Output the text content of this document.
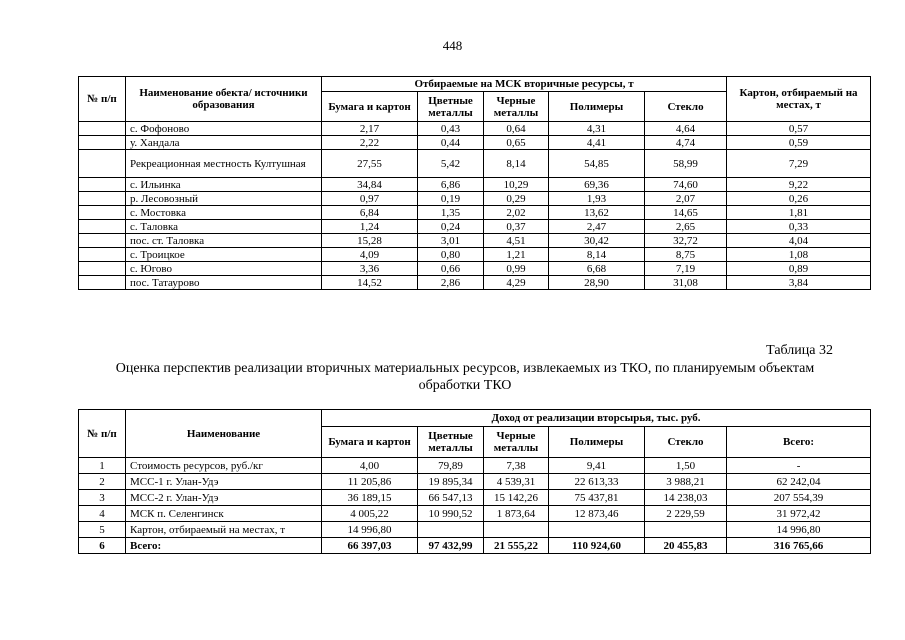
448
№ п/п	Наименование обекта/ источники образования	Отбираемые на МСК вторичные ресурсы, т					Картон, отбираемый на местах, т
		Бумага и картон	Цветные металлы	Черные металлы	Полимеры	Стекло	
	с. Фофоново	2,17	0,43	0,64	4,31	4,64	0,57
	у. Хандала	2,22	0,44	0,65	4,41	4,74	0,59
	Рекреационная местность Култушная	27,55	5,42	8,14	54,85	58,99	7,29
	с. Ильинка	34,84	6,86	10,29	69,36	74,60	9,22
	р. Лесовозный	0,97	0,19	0,29	1,93	2,07	0,26
	с. Мостовка	6,84	1,35	2,02	13,62	14,65	1,81
	с. Таловка	1,24	0,24	0,37	2,47	2,65	0,33
	пос. ст. Таловка	15,28	3,01	4,51	30,42	32,72	4,04
	с. Троицкое	4,09	0,80	1,21	8,14	8,75	1,08
	с. Югово	3,36	0,66	0,99	6,68	7,19	0,89
	пос. Татаурово	14,52	2,86	4,29	28,90	31,08	3,84
Таблица 32
Оценка перспектив реализации вторичных материальных ресурсов, извлекаемых из ТКО, по планируемым объектам обработки ТКО
№ п/п	Наименование	Доход от реализации вторсырья, тыс. руб.					
		Бумага и картон	Цветные металлы	Черные металлы	Полимеры	Стекло	Всего:
1	Стоимость ресурсов, руб./кг	4,00	79,89	7,38	9,41	1,50	-
2	МСС-1 г. Улан-Удэ	11 205,86	19 895,34	4 539,31	22 613,33	3 988,21	62 242,04
3	МСС-2 г. Улан-Удэ	36 189,15	66 547,13	15 142,26	75 437,81	14 238,03	207 554,39
4	МСК п. Селенгинск	4 005,22	10 990,52	1 873,64	12 873,46	2 229,59	31 972,42
5	Картон, отбираемый на местах, т	14 996,80					14 996,80
6	Всего:	66 397,03	97 432,99	21 555,22	110 924,60	20 455,83	316 765,66
